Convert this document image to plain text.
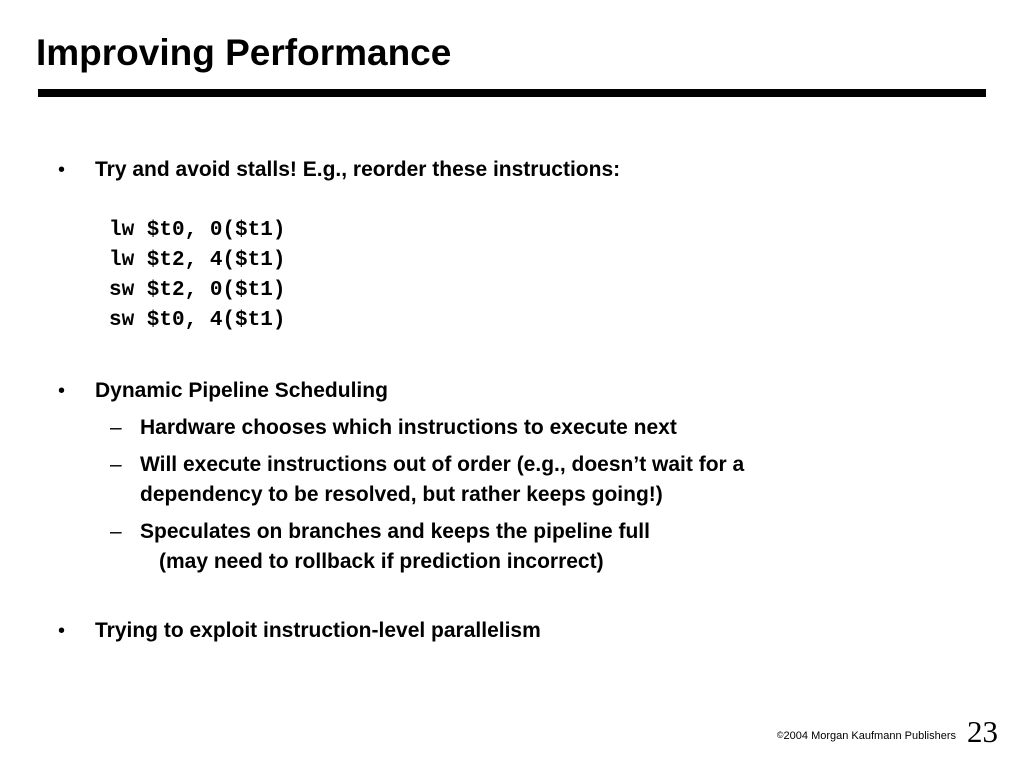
Improving Performance
• Try and avoid stalls! E.g., reorder these instructions:
lw $t0, 0($t1)
lw $t2, 4($t1)
sw $t2, 0($t1)
sw $t0, 4($t1)
• Dynamic Pipeline Scheduling
– Hardware chooses which instructions to execute next
– Will execute instructions out of order (e.g., doesn’t wait for a
dependency to be resolved, but rather keeps going!)
– Speculates on branches and keeps the pipeline full
(may need to rollback if prediction incorrect)
• Trying to exploit instruction-level parallelism
©2004 Morgan Kaufmann Publishers 23
